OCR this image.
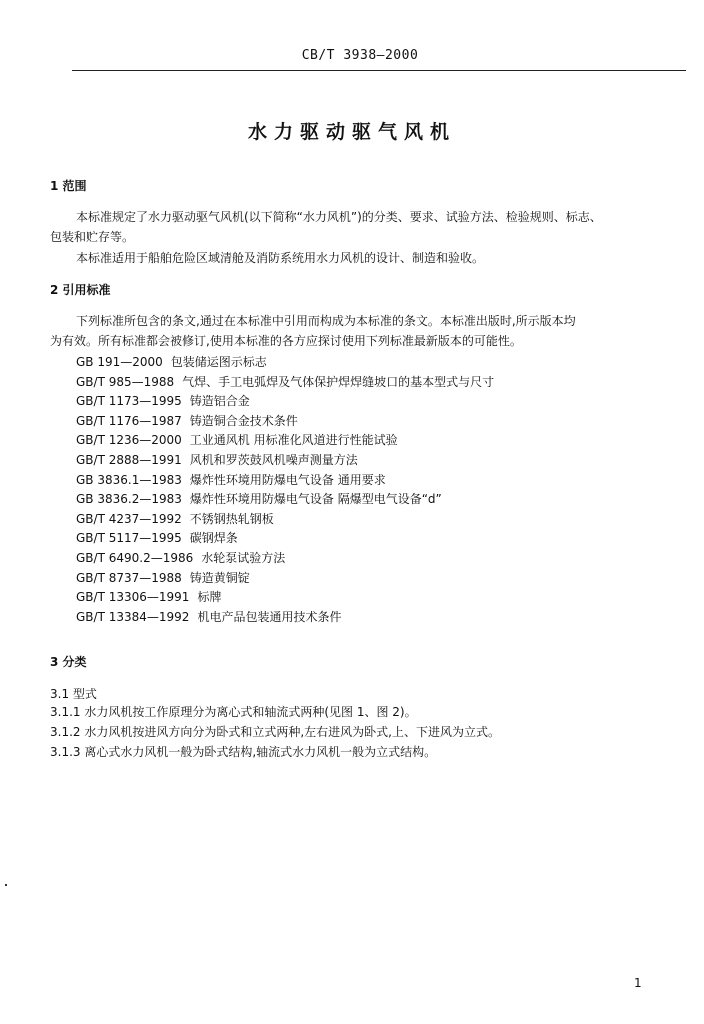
CB/T 3938—2000
水力驱动驱气风机
1 范围
本标准规定了水力驱动驱气风机(以下简称“水力风机”)的分类、要求、试验方法、检验规则、标志、
包装和贮存等。
本标准适用于船舶危险区域清舱及消防系统用水力风机的设计、制造和验收。
2 引用标准
下列标准所包含的条文,通过在本标准中引用而构成为本标准的条文。本标准出版时,所示版本均
为有效。所有标准都会被修订,使用本标准的各方应探讨使用下列标准最新版本的可能性。
GB 191—2000 包装储运图示标志
GB/T 985—1988 气焊、手工电弧焊及气体保护焊焊缝坡口的基本型式与尺寸
GB/T 1173—1995 铸造铝合金
GB/T 1176—1987 铸造铜合金技术条件
GB/T 1236—2000 工业通风机 用标准化风道进行性能试验
GB/T 2888—1991 风机和罗茨鼓风机噪声测量方法
GB 3836.1—1983 爆炸性环境用防爆电气设备 通用要求
GB 3836.2—1983 爆炸性环境用防爆电气设备 隔爆型电气设备“d”
GB/T 4237—1992 不锈钢热轧钢板
GB/T 5117—1995 碳钢焊条
GB/T 6490.2—1986 水轮泵试验方法
GB/T 8737—1988 铸造黄铜锭
GB/T 13306—1991 标牌
GB/T 13384—1992 机电产品包装通用技术条件
3 分类
3.1 型式
3.1.1 水力风机按工作原理分为离心式和轴流式两种(见图 1、图 2)。
3.1.2 水力风机按进风方向分为卧式和立式两种,左右进风为卧式,上、下进风为立式。
3.1.3 离心式水力风机一般为卧式结构,轴流式水力风机一般为立式结构。
1
